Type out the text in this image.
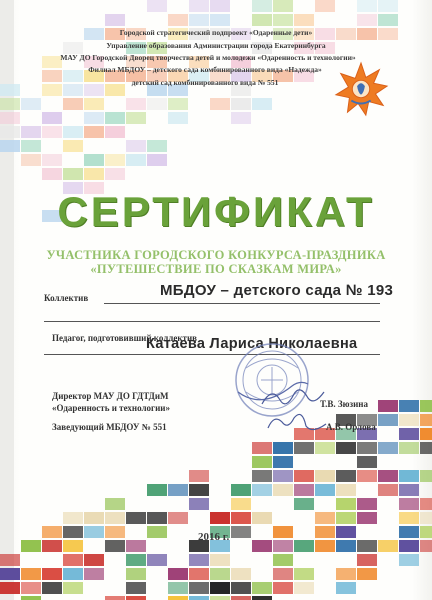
Городской стратегический подпроект «Одаренные дети»
Управление образования Администрации города Екатеринбурга
МАУ ДО Городской Дворец творчества детей и молодежи «Одаренность и технологии»
Филиал МБДОУ – детского сада комбинированного вида «Надежда»
детский сад комбинированного вида № 551
СЕРТИФИКАТ
УЧАСТНИКА ГОРОДСКОГО КОНКУРСА-ПРАЗДНИКА
«ПУТЕШЕСТВИЕ ПО СКАЗКАМ МИРА»
Коллектив	МБДОУ – детского сада № 193
Педагог, подготовивший коллектив
Катаева Лариса Николаевна
Директор МАУ ДО ГДТДиМ
«Одаренность и технологии»	Т.В. Зюзина
Заведующий МБДОУ № 551	А.В. Орлова
2016 г.
